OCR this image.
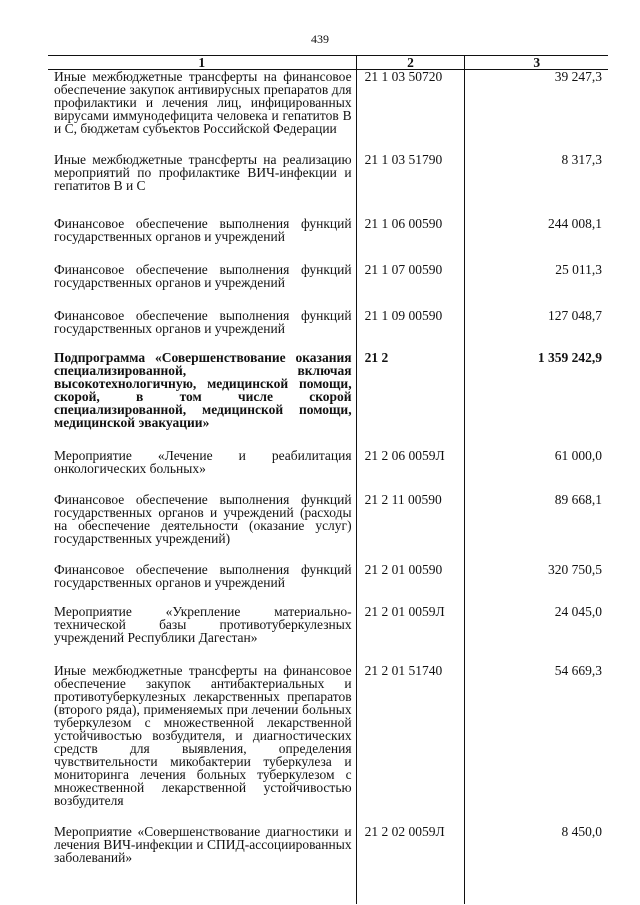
439
1	2	3
Иные межбюджетные трансферты на финансовое обеспечение закупок антивирусных препаратов для профилактики и лечения лиц, инфицированных вирусами иммунодефицита человека и гепатитов В и С, бюджетам субъектов Российской Федерации	21 1 03 50720	39 247,3

Иные межбюджетные трансферты на реализацию мероприятий по профилактике ВИЧ-инфекции и гепатитов В и С	21 1 03 51790	8 317,3

Финансовое обеспечение выполнения функций государственных органов и учреждений	21 1 06 00590	244 008,1

Финансовое обеспечение выполнения функций государственных органов и учреждений	21 1 07 00590	25 011,3

Финансовое обеспечение выполнения функций государственных органов и учреждений	21 1 09 00590	127 048,7

Подпрограмма «Совершенствование оказания специализированной, включая высокотехнологичную, медицинской помощи, скорой, в том числе скорой специализированной, медицинской помощи, медицинской эвакуации»	21 2	1 359 242,9

Мероприятие «Лечение и реабилитация онкологических больных»	21 2 06 0059Л	61 000,0

Финансовое обеспечение выполнения функций государственных органов и учреждений (расходы на обеспечение деятельности (оказание услуг) государственных учреждений)	21 2 11 00590	89 668,1

Финансовое обеспечение выполнения функций государственных органов и учреждений	21 2 01 00590	320 750,5

Мероприятие «Укрепление материально-технической базы противотуберкулезных учреждений Республики Дагестан»	21 2 01 0059Л	24 045,0

Иные межбюджетные трансферты на финансовое обеспечение закупок антибактериальных и противотуберкулезных лекарственных препаратов (второго ряда), применяемых при лечении больных туберкулезом с множественной лекарственной устойчивостью возбудителя, и диагностических средств для выявления, определения чувствительности микобактерии туберкулеза и мониторинга лечения больных туберкулезом с множественной лекарственной устойчивостью возбудителя	21 2 01 51740	54 669,3

Мероприятие «Совершенствование диагностики и лечения ВИЧ-инфекции и СПИД-ассоциированных заболеваний»	21 2 02 0059Л	8 450,0
